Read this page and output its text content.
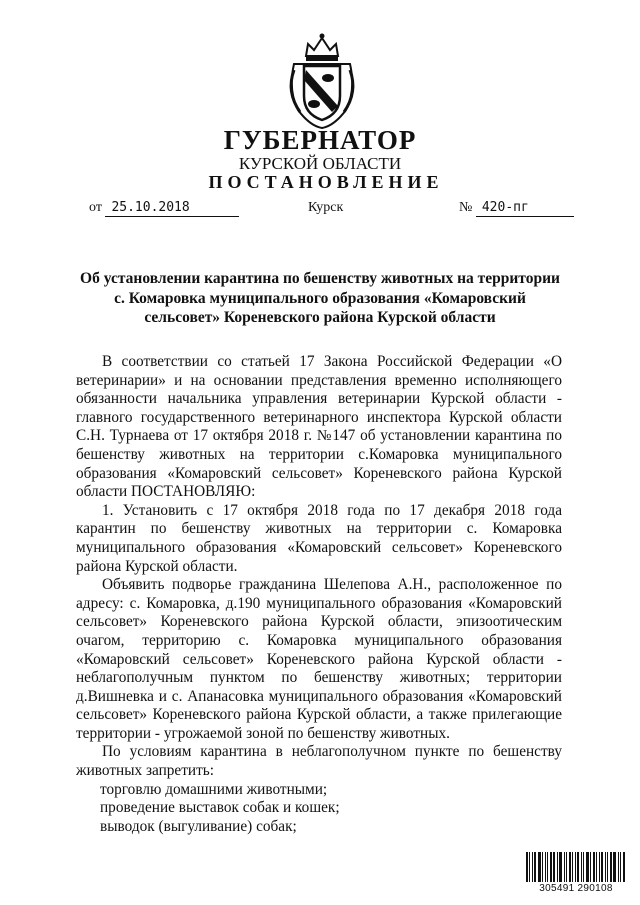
ГУБЕРНАТОР
КУРСКОЙ ОБЛАСТИ
ПОСТАНОВЛЕНИЕ
от 25.10.2018	Курск	№ 420-пг
Об установлении карантина по бешенству животных на территории
с. Комаровка муниципального образования «Комаровский
сельсовет» Кореневского района Курской области

В соответствии со статьей 17 Закона Российской Федерации «О ветеринарии» и на основании представления временно исполняющего обязанности начальника управления ветеринарии Курской области - главного государственного ветеринарного инспектора Курской области С.Н. Турнаева от 17 октября 2018 г. №147 об установлении карантина по бешенству животных на территории с.Комаровка муниципального образования «Комаровский сельсовет» Кореневского района Курской области ПОСТАНОВЛЯЮ:

1. Установить с 17 октября 2018 года по 17 декабря 2018 года карантин по бешенству животных на территории с. Комаровка муниципального образования «Комаровский сельсовет» Кореневского района Курской области.

Объявить подворье гражданина Шелепова А.Н., расположенное по адресу: с. Комаровка, д.190 муниципального образования «Комаровский сельсовет» Кореневского района Курской области, эпизоотическим очагом, территорию с. Комаровка муниципального образования «Комаровский сельсовет» Кореневского района Курской области - неблагополучным пунктом по бешенству животных; территории д.Вишневка и с. Апанасовка муниципального образования «Комаровский сельсовет» Кореневского района Курской области, а также прилегающие территории - угрожаемой зоной по бешенству животных.

По условиям карантина в неблагополучном пункте по бешенству животных запретить:

торговлю домашними животными;

проведение выставок собак и кошек;

выводок (выгуливание) собак;

305491 290108
